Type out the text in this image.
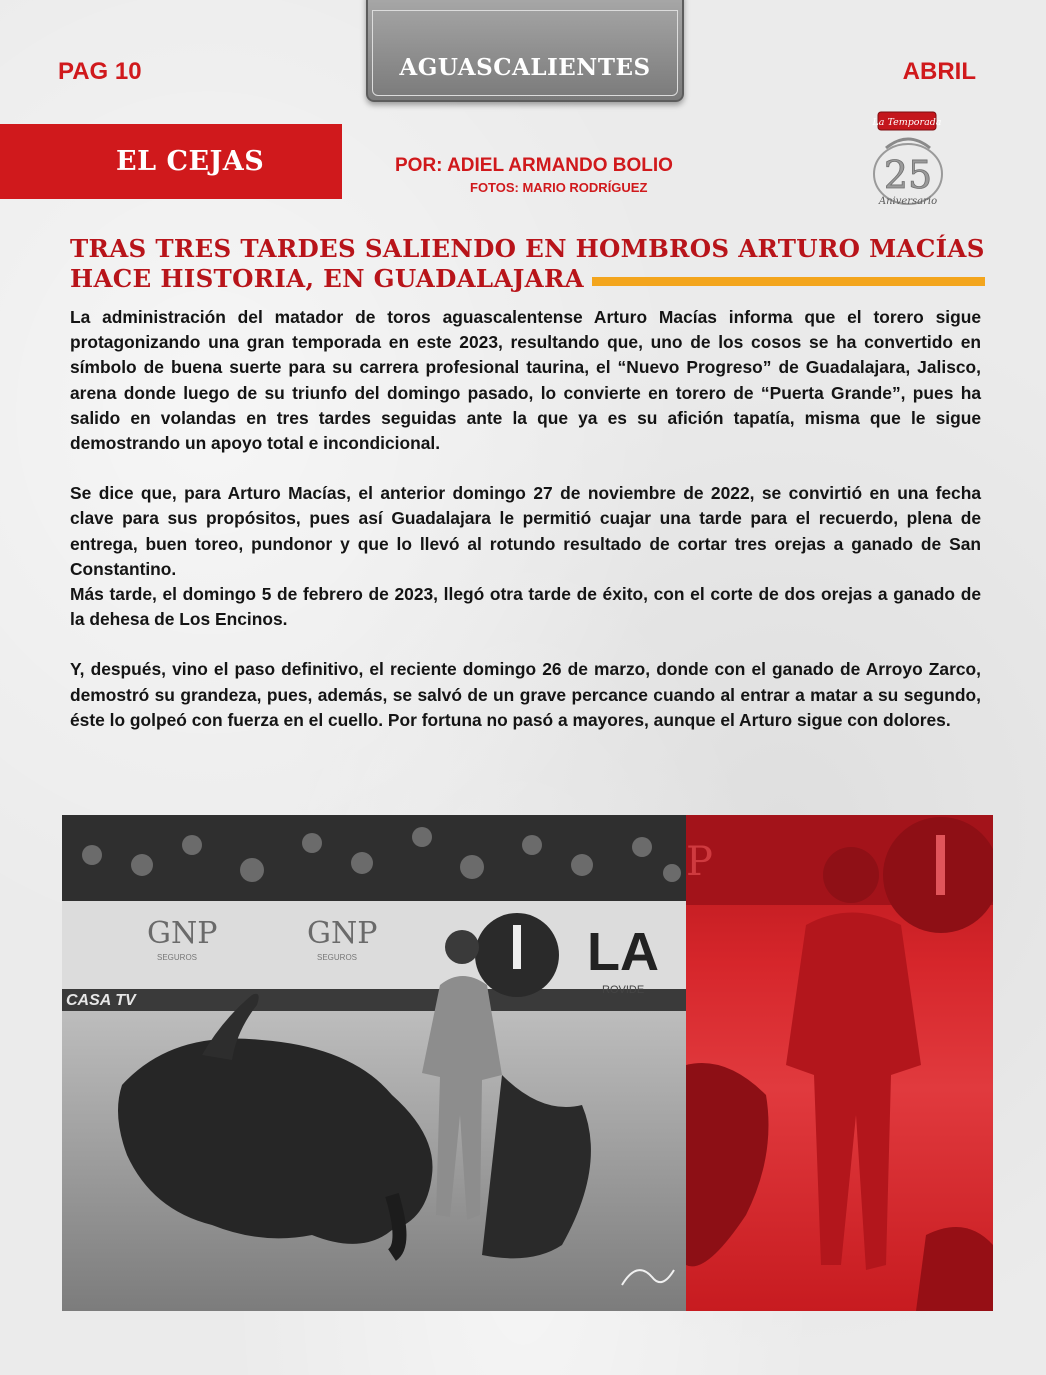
PAG 10	AGUASCALIENTES	ABRIL
EL CEJAS	POR: ADIEL ARMANDO BOLIO
FOTOS: MARIO RODRÍGUEZ
La Temporada
25
Aniversario
TRAS TRES TARDES SALIENDO EN HOMBROS ARTURO MACÍAS
HACE HISTORIA, EN GUADALAJARA

La administración del matador de toros aguascalentense Arturo Macías informa que el torero sigue protagonizando una gran temporada en este 2023, resultando que, uno de los cosos se ha convertido en símbolo de buena suerte para su carrera profesional taurina, el “Nuevo Progreso” de Guadalajara, Jalisco, arena donde luego de su triunfo del domingo pasado, lo convierte en torero de “Puerta Grande”, pues ha salido en volandas en tres tardes seguidas ante la que ya es su afición tapatía, misma que le sigue demostrando un apoyo total e incondicional.

Se dice que, para Arturo Macías, el anterior domingo 27 de noviembre de 2022, se convirtió en una fecha clave para sus propósitos, pues así Guadalajara le permitió cuajar una tarde para el recuerdo, plena de entrega, buen toreo, pundonor y que lo llevó al rotundo resultado de cortar tres orejas a ganado de San Constantino.

Más tarde, el domingo 5 de febrero de 2023, llegó otra tarde de éxito, con el corte de dos orejas a ganado de la dehesa de Los Encinos.

Y, después, vino el paso definitivo, el reciente domingo 26 de marzo, donde con el ganado de Arroyo Zarco, demostró su grandeza, pues, además, se salvó de un grave percance cuando al entrar a matar a su segundo, éste lo golpeó con fuerza en el cuello. Por fortuna no pasó a mayores, aunque el Arturo sigue con dolores.

GNP
SEGUROS
GNP
SEGUROS	LA
ROVIDE
CASA TV
P
